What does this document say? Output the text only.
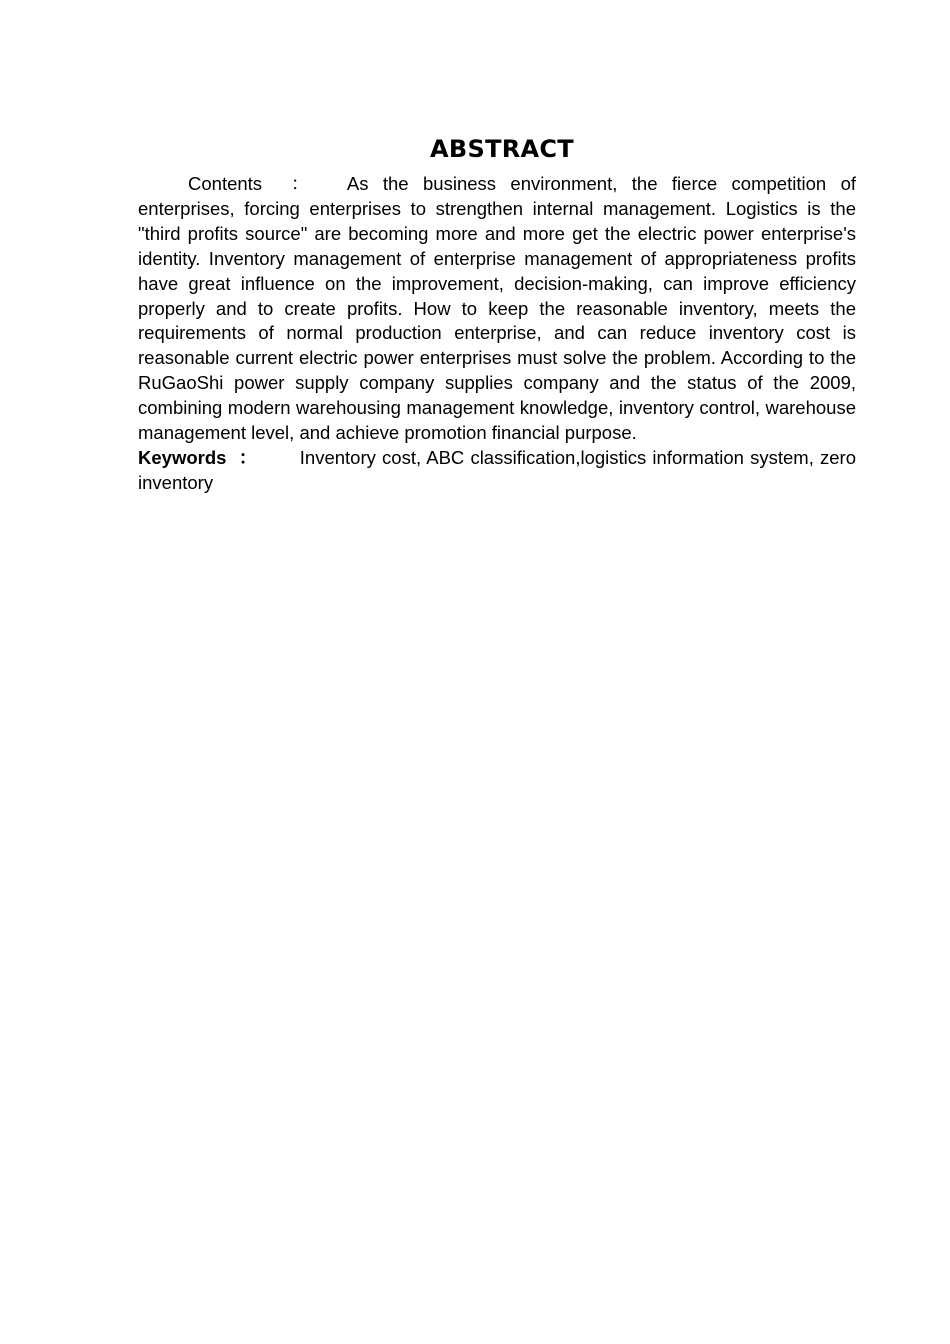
ABSTRACT

Contents ： As the business environment, the fierce competition of enterprises, forcing enterprises to strengthen internal management. Logistics is the "third profits source" are becoming more and more get the electric power enterprise's identity. Inventory management of enterprise management of appropriateness profits have great influence on the improvement, decision-making, can improve efficiency properly and to create profits. How to keep the reasonable inventory, meets the requirements of normal production enterprise, and can reduce inventory cost is reasonable current electric power enterprises must solve the problem. According to the RuGaoShi power supply company supplies company and the status of the 2009, combining modern warehousing management knowledge, inventory control, warehouse management level, and achieve promotion financial purpose.

Keywords ： Inventory cost, ABC classification,logistics information system, zero inventory
